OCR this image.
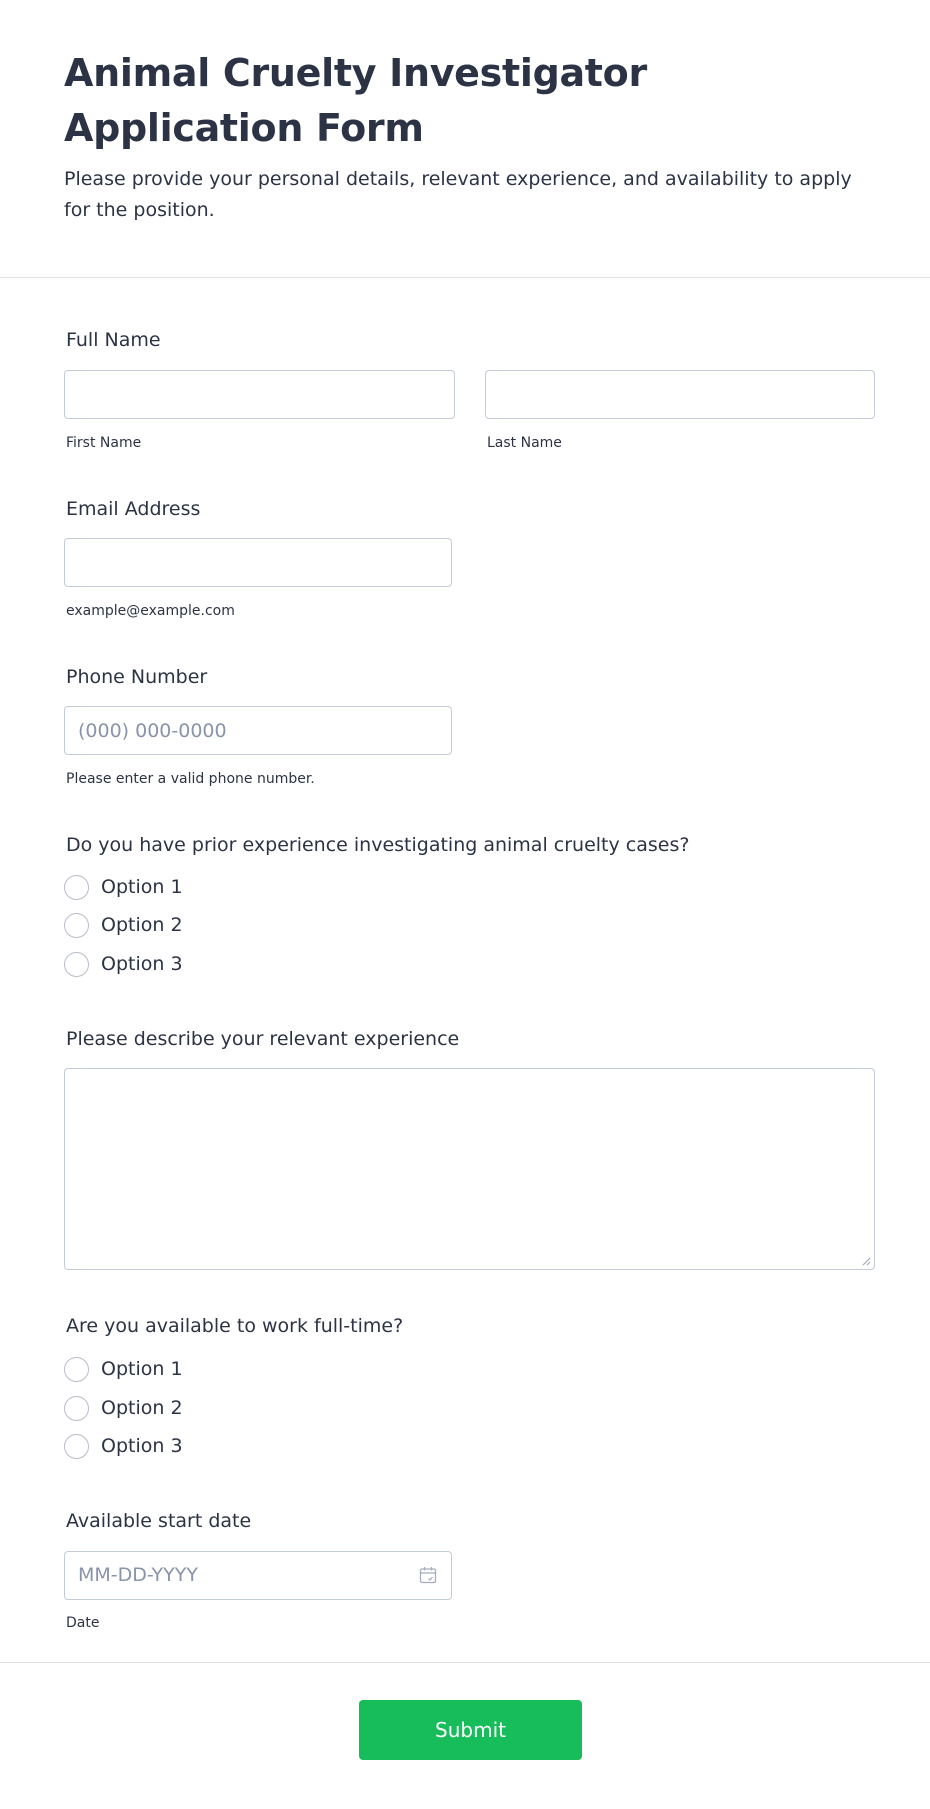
Animal Cruelty Investigator Application Form

Please provide your personal details, relevant experience, and availability to apply for the position.

Full Name
First Name	Last Name
Email Address
example@example.com
Phone Number
(000) 000-0000
Please enter a valid phone number.
Do you have prior experience investigating animal cruelty cases?
Option 1
Option 2
Option 3
Please describe your relevant experience
Are you available to work full-time?
Option 1
Option 2
Option 3
Available start date
MM-DD-YYYY
Date
Submit
